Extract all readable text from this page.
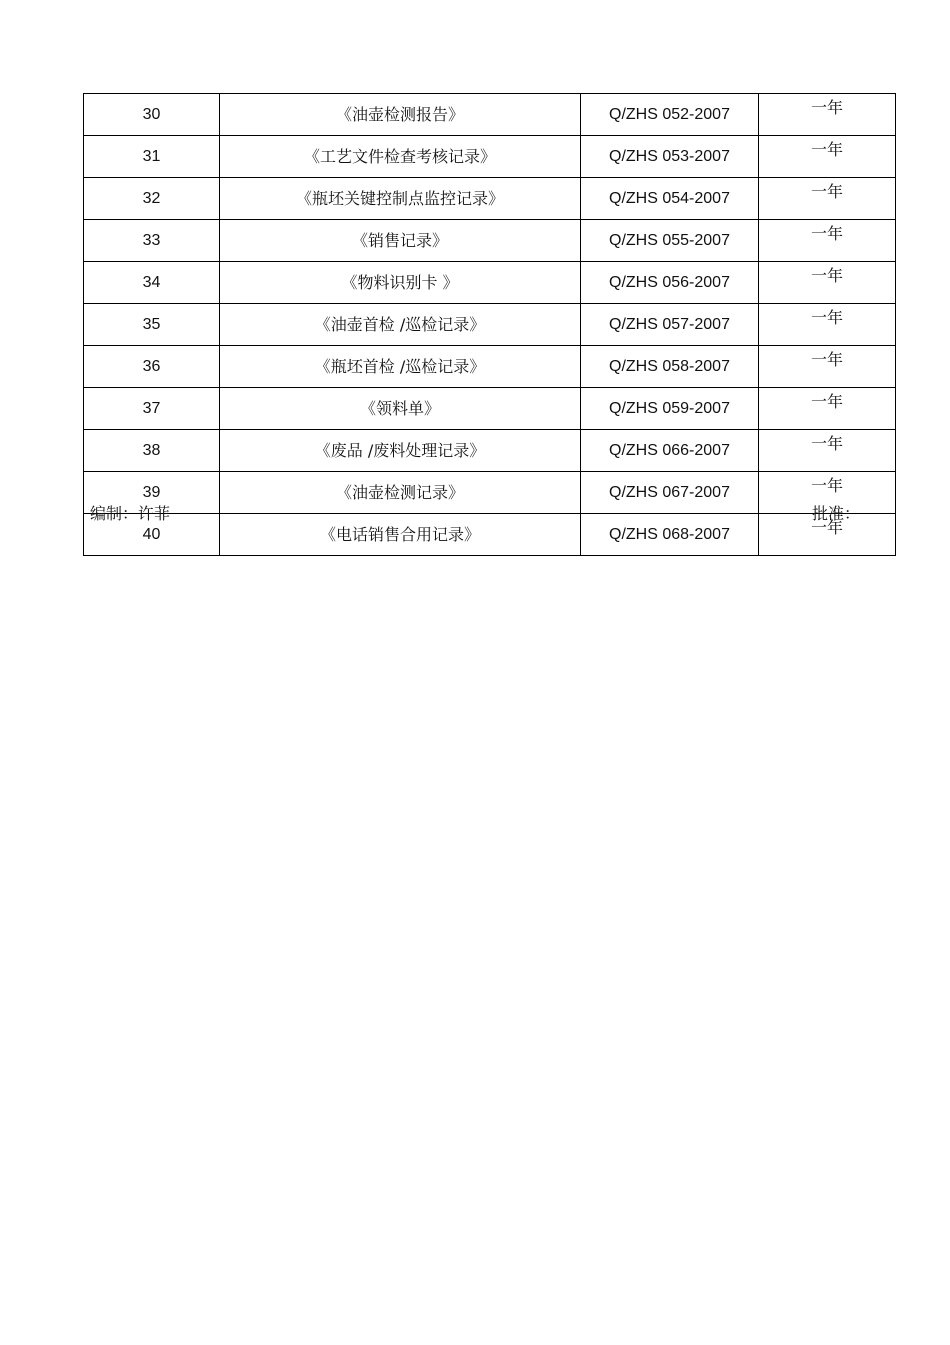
30	《油壶检测报告》	Q/ZHS 052-2007	一年
31	《工艺文件检查考核记录》	Q/ZHS 053-2007	一年
32	《瓶坯关键控制点监控记录》	Q/ZHS 054-2007	一年
33	《销售记录》	Q/ZHS 055-2007	一年
34	《物料识别卡 》	Q/ZHS 056-2007	一年
35	《油壶首检 /巡检记录》	Q/ZHS 057-2007	一年
36	《瓶坯首检 /巡检记录》	Q/ZHS 058-2007	一年
37	《领料单》	Q/ZHS 059-2007	一年
38	《废品 /废料处理记录》	Q/ZHS 066-2007	一年
39	《油壶检测记录》	Q/ZHS 067-2007	一年
40	《电话销售合用记录》	Q/ZHS 068-2007	一年
编制：许菲	批准：
